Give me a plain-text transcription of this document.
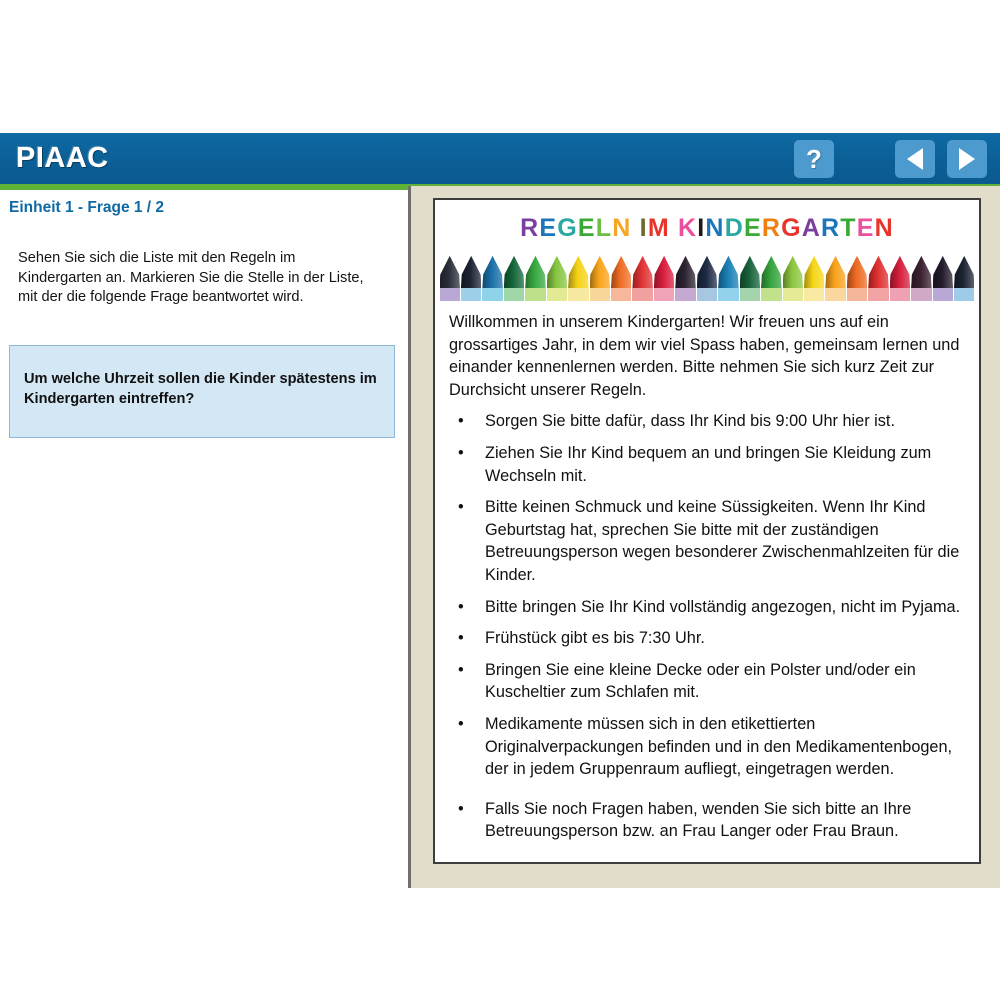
PIAAC	?
Einheit 1 - Frage 1 / 2
Sehen Sie sich die Liste mit den Regeln im Kindergarten an. Markieren Sie die Stelle in der Liste, mit der die folgende Frage beantwortet wird.
Um welche Uhrzeit sollen die Kinder spätestens im Kindergarten eintreffen?
REGELN IM KINDERGARTEN

Willkommen in unserem Kindergarten! Wir freuen uns auf ein grossartiges Jahr, in dem wir viel Spass haben, gemeinsam lernen und einander kennenlernen werden. Bitte nehmen Sie sich kurz Zeit zur Durchsicht unserer Regeln.

• Sorgen Sie bitte dafür, dass Ihr Kind bis 9:00 Uhr hier ist.
• Ziehen Sie Ihr Kind bequem an und bringen Sie Kleidung zum Wechseln mit.
• Bitte keinen Schmuck und keine Süssigkeiten. Wenn Ihr Kind Geburtstag hat, sprechen Sie bitte mit der zuständigen Betreuungsperson wegen besonderer Zwischenmahlzeiten für die Kinder.
• Bitte bringen Sie Ihr Kind vollständig angezogen, nicht im Pyjama.
• Frühstück gibt es bis 7:30 Uhr.
• Bringen Sie eine kleine Decke oder ein Polster und/oder ein Kuscheltier zum Schlafen mit.
• Medikamente müssen sich in den etikettierten Originalverpackungen befinden und in den Medikamentenbogen, der in jedem Gruppenraum aufliegt, eingetragen werden.
• Falls Sie noch Fragen haben, wenden Sie sich bitte an Ihre Betreuungsperson bzw. an Frau Langer oder Frau Braun.
